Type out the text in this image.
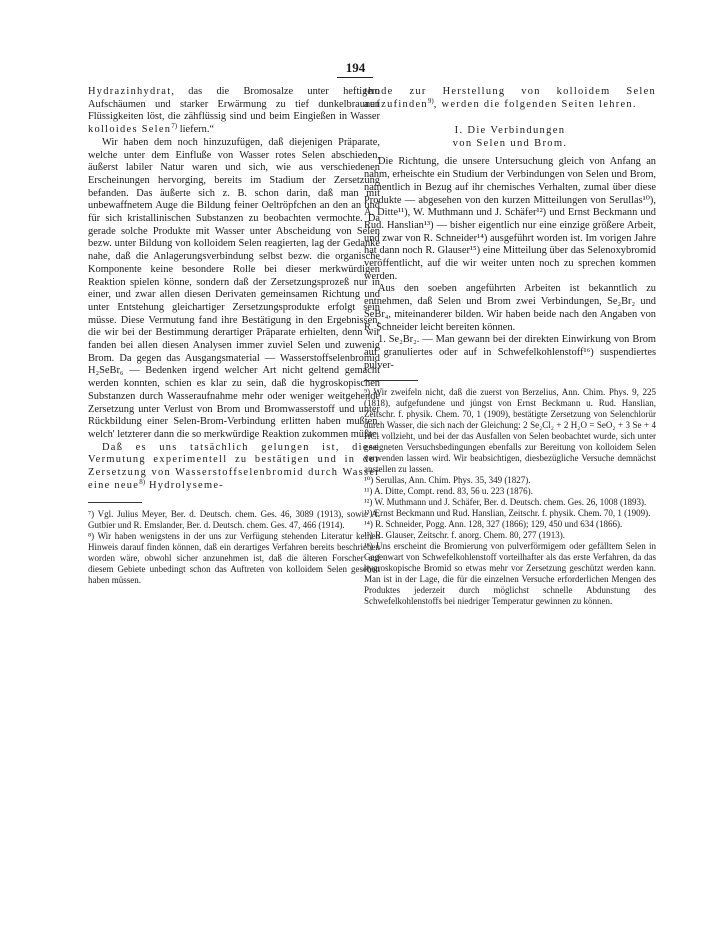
194

Hydrazinhydrat, das die Bromosalze unter heftigem Aufschäumen und starker Erwärmung zu tief dunkelbraunen Flüssigkeiten löst, die zähflüssig sind und beim Eingießen in Wasser kolloides Selen$^{7)}$ liefern.“

Wir haben dem noch hinzuzufügen, daß diejenigen Präparate, welche unter dem Einfluße von Wasser rotes Selen abschieden, äußerst labiler Natur waren und sich, wie aus verschiedenen Erscheinungen hervorging, bereits im Stadium der Zersetzung befanden. Das äußerte sich z. B. schon darin, daß man mit unbewaffnetem Auge die Bildung feiner Oeltröpfchen an den an und für sich kristallinischen Substanzen zu beobachten vermochte. Da gerade solche Produkte mit Wasser unter Abscheidung von Selen bezw. unter Bildung von kolloidem Selen reagierten, lag der Gedanke nahe, daß die Anlagerungsverbindung selbst bezw. die organische Komponente keine besondere Rolle bei dieser merkwürdigen Reaktion spielen könne, sondern daß der Zersetzungsprozeß nur in einer, und zwar allen diesen Derivaten gemeinsamen Richtung und unter Entstehung gleichartiger Zersetzungsprodukte erfolgt sein müsse. Diese Vermutung fand ihre Bestätigung in den Ergebnissen, die wir bei der Bestimmung derartiger Präparate erhielten, denn wir fanden bei allen diesen Analysen immer zuviel Selen und zuwenig Brom. Da gegen das Ausgangsmaterial — Wasserstoffselenbromid H₂SeBr₆ — Bedenken irgend welcher Art nicht geltend gemacht werden konnten, schien es klar zu sein, daß die hygroskopischen Substanzen durch Wasseraufnahme mehr oder weniger weitgehende Zersetzung unter Verlust von Brom und Bromwasserstoff und unter Rückbildung einer Selen-Brom-Verbindung erlitten haben mußten, welch' letzterer dann die so merkwürdige Reaktion zukommen müßte.

Daß es uns tatsächlich gelungen ist, diese Vermutung experimentell zu bestätigen und in der Zersetzung von Wasserstoffselenbromid durch Wasser eine neue$^{8)}$ Hydrolyseme-

⁷) Vgl. Julius Meyer, Ber. d. Deutsch. chem. Ges. 46, 3089 (1913), sowie A. Gutbier und R. Emslander, Ber. d. Deutsch. chem. Ges. 47, 466 (1914).

⁸) Wir haben wenigstens in der uns zur Verfügung stehenden Literatur keinen Hinweis darauf finden können, daß ein derartiges Verfahren bereits beschrieben worden wäre, obwohl sicher anzunehmen ist, daß die älteren Forscher auf diesem Gebiete unbedingt schon das Auftreten von kolloidem Selen gesehen haben müssen.

thode zur Herstellung von kolloidem Selen aufzufinden$^{9)}$, werden die folgenden Seiten lehren.

I. Die Verbindungen
von Selen und Brom.

Die Richtung, die unsere Untersuchung gleich von Anfang an nahm, erheischte ein Studium der Verbindungen von Selen und Brom, namentlich in Bezug auf ihr chemisches Verhalten, zumal über diese Produkte — abgesehen von den kurzen Mitteilungen von Serullas¹⁰), A. Ditte¹¹), W. Muthmann und J. Schäfer¹²) und Ernst Beckmann und Rud. Hanslian¹³) — bisher eigentlich nur eine einzige größere Arbeit, und zwar von R. Schneider¹⁴) ausgeführt worden ist. Im vorigen Jahre hat dann noch R. Glauser¹⁵) eine Mitteilung über das Selenoxybromid veröffentlicht, auf die wir weiter unten noch zu sprechen kommen werden.

Aus den soeben angeführten Arbeiten ist bekanntlich zu entnehmen, daß Selen und Brom zwei Verbindungen, Se₂Br₂ und SeBr₄, miteinanderer bilden. Wir haben beide nach den Angaben von R. Schneider leicht bereiten können.

1. Se₂Br₂. — Man gewann bei der direkten Einwirkung von Brom auf granuliertes oder auf in Schwefelkohlenstoff¹⁶) suspendiertes pulver-

⁹) Wir zweifeln nicht, daß die zuerst von Berzelius, Ann. Chim. Phys. 9, 225 (1818), aufgefundene und jüngst von Ernst Beckmann u. Rud. Hanslian, Zeitschr. f. physik. Chem. 70, 1 (1909), bestätigte Zersetzung von Selenchlorür durch Wasser, die sich nach der Gleichung: 2 Se₂Cl₂ + 2 H₂O = SeO₂ + 3 Se + 4 HCl vollzieht, und bei der das Ausfallen von Selen beobachtet wurde, sich unter geeigneten Versuchsbedingungen ebenfalls zur Bereitung von kolloidem Selen verwenden lassen wird. Wir beabsichtigen, diesbezügliche Versuche demnächst anstellen zu lassen.

¹⁰) Serullas, Ann. Chim. Phys. 35, 349 (1827).

¹¹) A. Ditte, Compt. rend. 83, 56 u. 223 (1876).

¹²) W. Muthmann und J. Schäfer, Ber. d. Deutsch. chem. Ges. 26, 1008 (1893).

¹³) Ernst Beckmann und Rud. Hanslian, Zeitschr. f. physik. Chem. 70, 1 (1909).

¹⁴) R. Schneider, Pogg. Ann. 128, 327 (1866); 129, 450 und 634 (1866).

¹⁵) R. Glauser, Zeitschr. f. anorg. Chem. 80, 277 (1913).

¹⁶) Uns erscheint die Bromierung von pulverförmigem oder gefälltem Selen in Gegenwart von Schwefelkohlenstoff vorteilhafter als das erste Verfahren, da das hygroskopische Bromid so etwas mehr vor Zersetzung geschützt werden kann. Man ist in der Lage, die für die einzelnen Versuche erforderlichen Mengen des Produktes jederzeit durch möglichst schnelle Abdunstung des Schwefelkohlenstoffs bei niedriger Temperatur gewinnen zu können.
